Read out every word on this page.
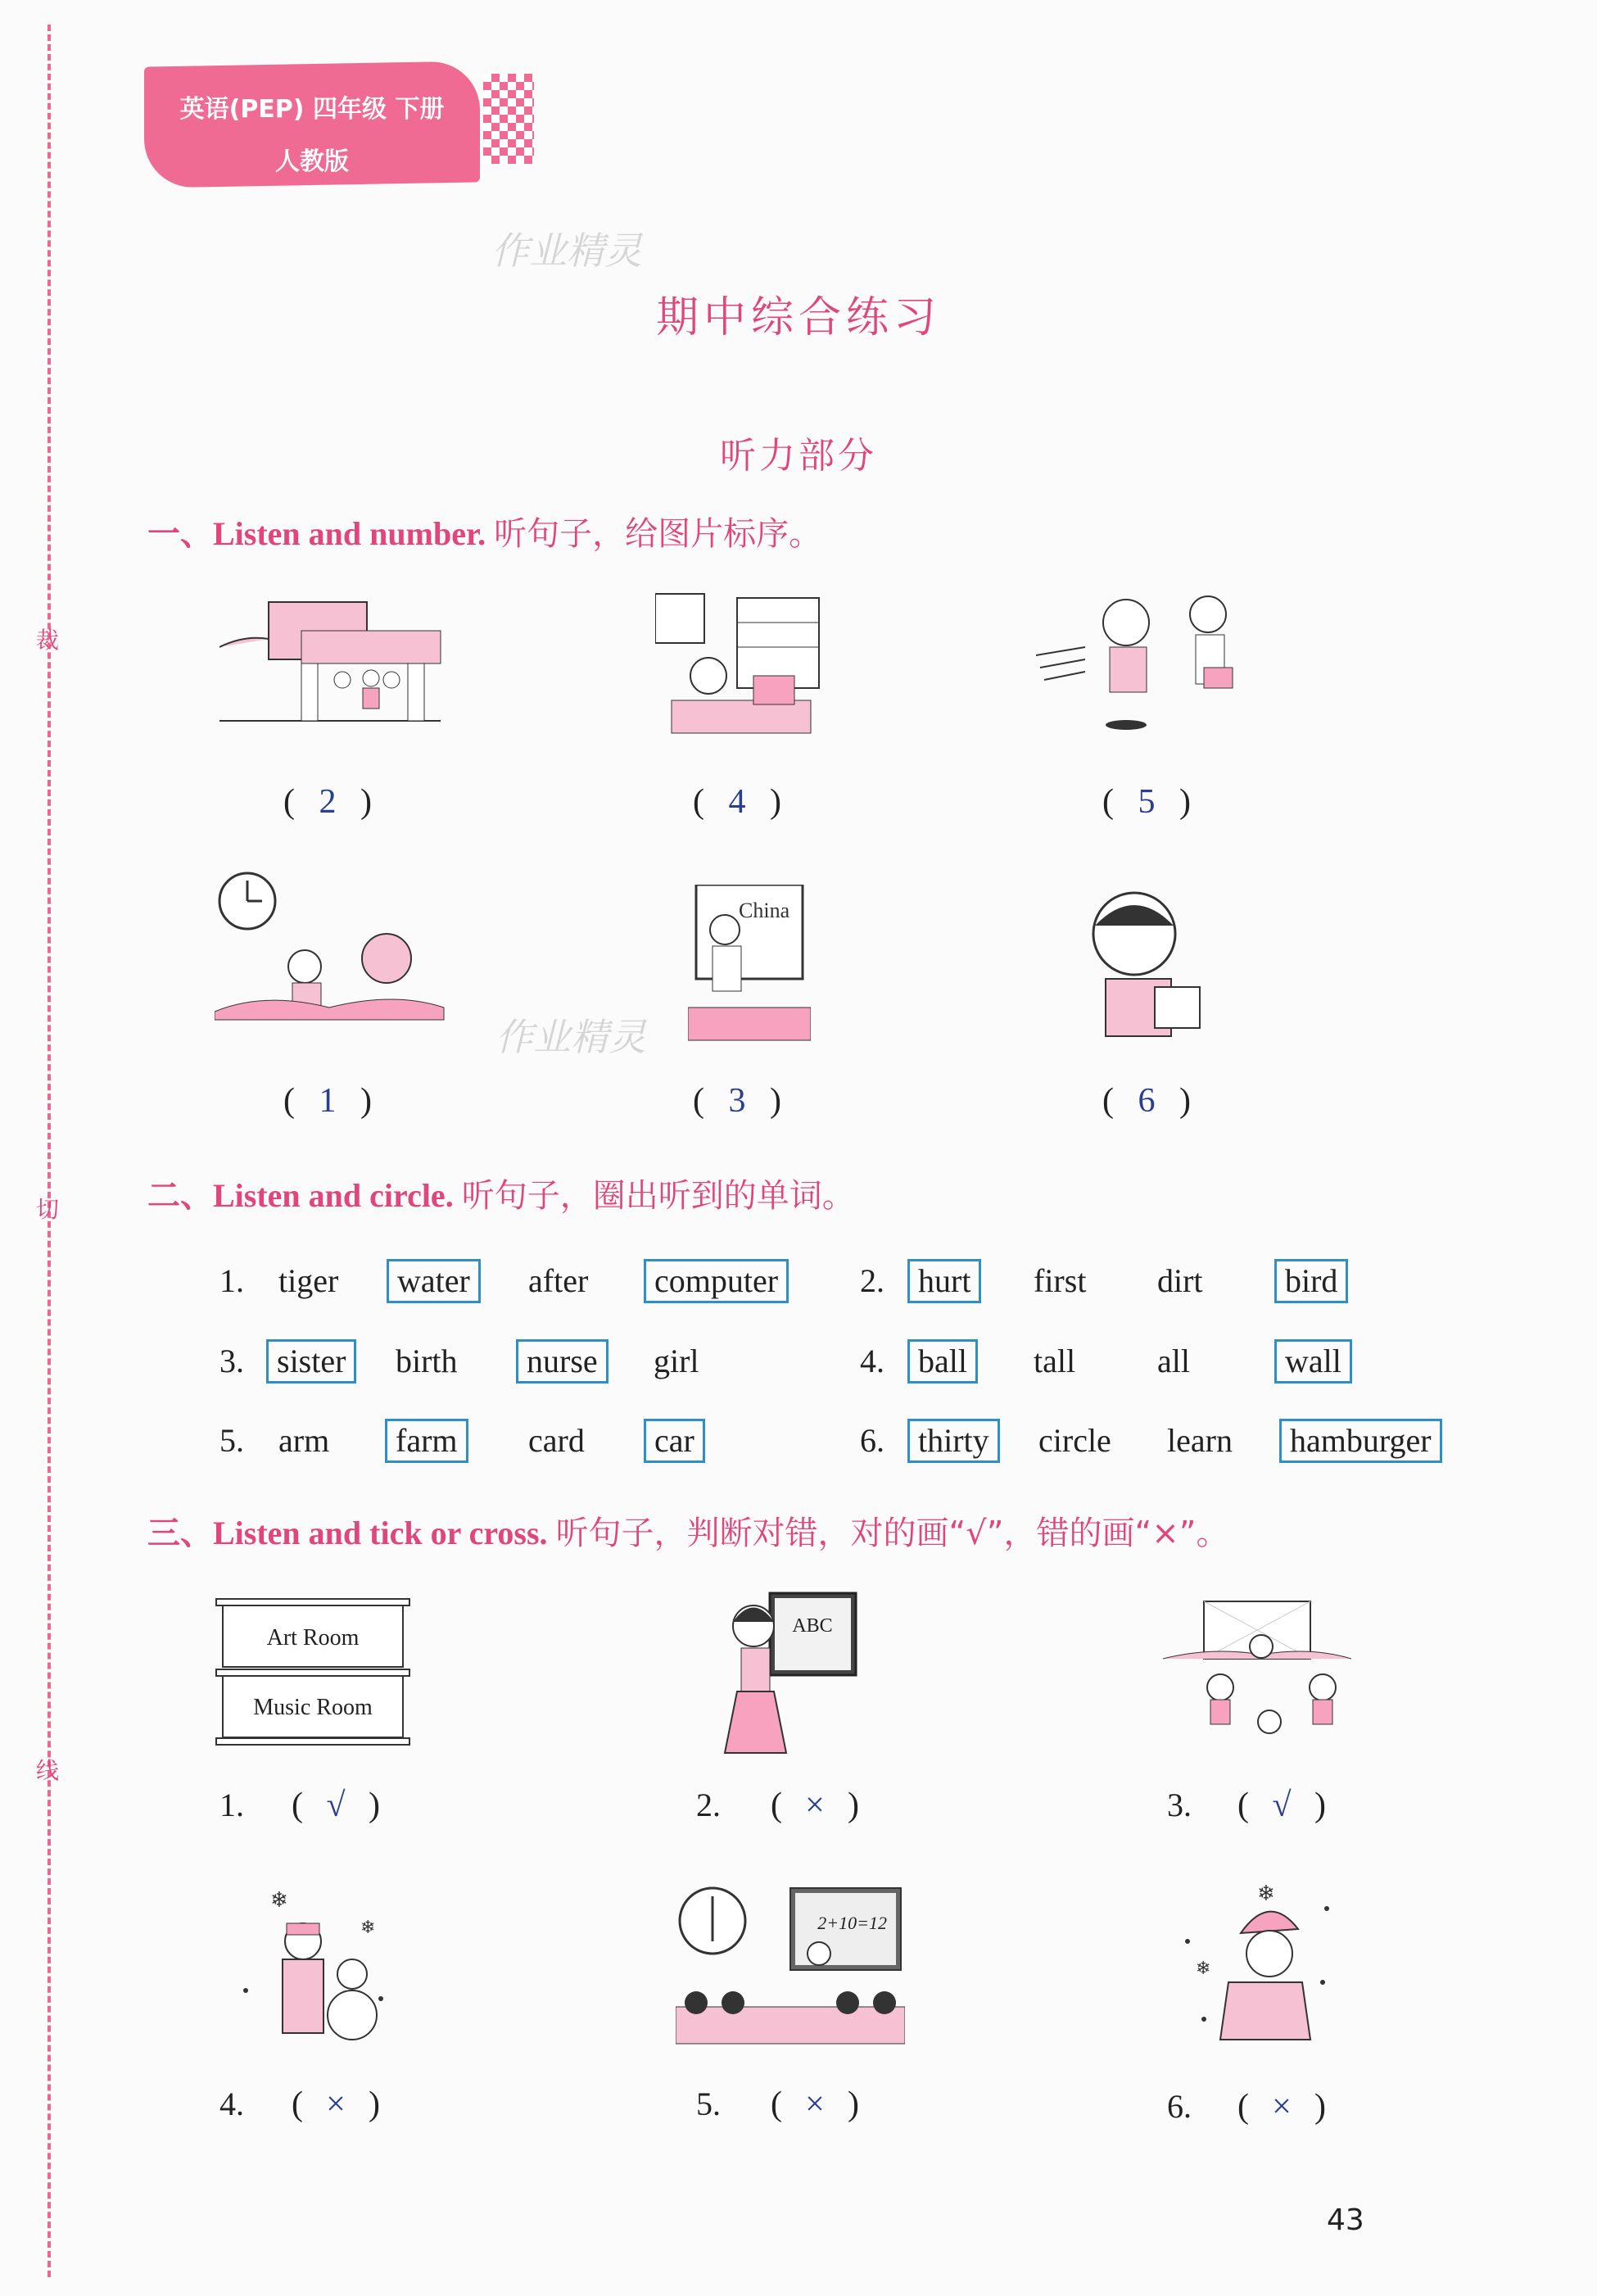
裁
切
线
英语(PEP) 四年级 下册
人教版
作业精灵
作业精灵
期中综合练习
听力部分
一、Listen and number. 听句子，给图片标序。
( 2 )	( 4 )	( 5 )
China
( 1 )	( 3 )	( 6 )
二、Listen and circle. 听句子，圈出听到的单词。
1. tiger	water	after	computer	2.	hurt	first dirt	bird
3.	sister	birth	nurse	girl	4.	ball	tall all	wall
5. arm	farm	card	car	6.	thirty	circle learn	hamburger
三、Listen and tick or cross. 听句子，判断对错，对的画“√”，错的画“×”。
Art Room
Music Room
ABC
1.	( √ )	2.	( × )	3.	( √ )
❄
❄	2+10=12
❄
❄
4.	( × )	5.	( × )	6.	( × )
43
